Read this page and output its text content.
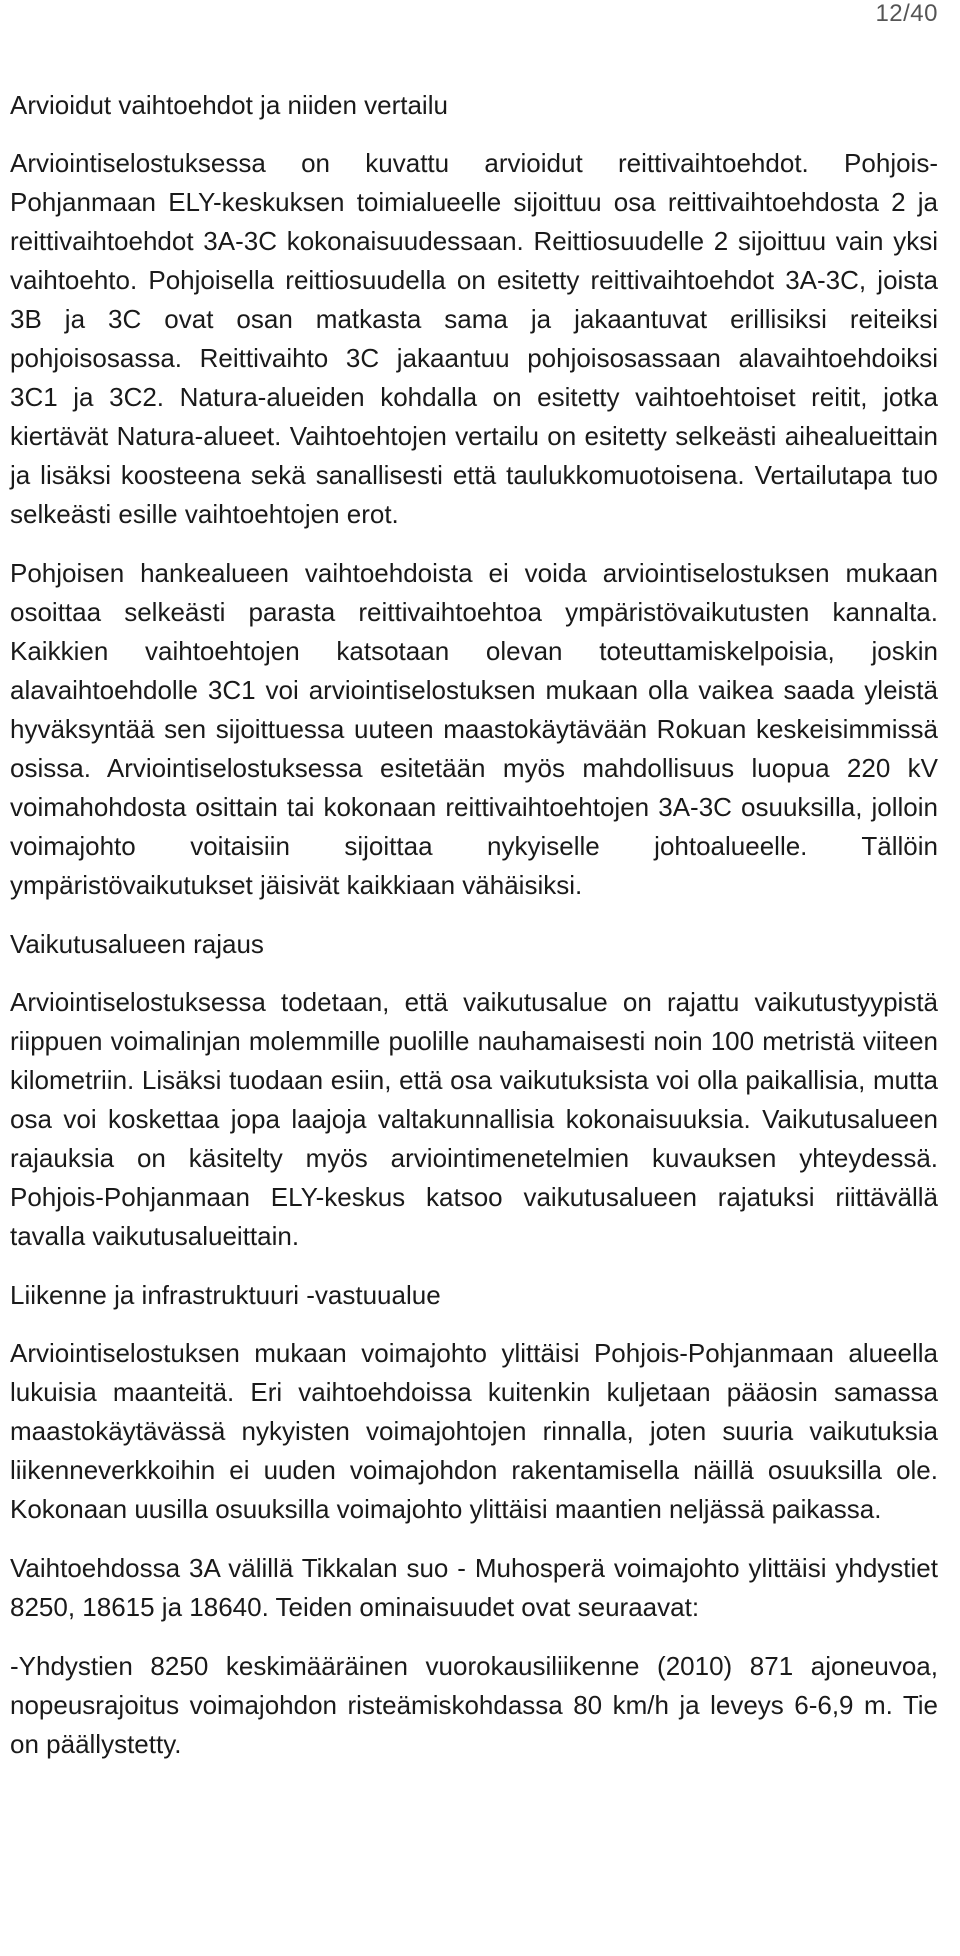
12/40
Arvioidut vaihtoehdot ja niiden vertailu

Arviointiselostuksessa on kuvattu arvioidut reittivaihtoehdot. Pohjois-Pohjanmaan ELY-keskuksen toimialueelle sijoittuu osa reittivaihtoehdosta 2 ja reittivaihtoehdot 3A-3C kokonaisuudessaan. Reittiosuudelle 2 sijoittuu vain yksi vaihtoehto. Pohjoisella reittiosuudella on esitetty reittivaihtoehdot 3A-3C, joista 3B ja 3C ovat osan matkasta sama ja jakaantuvat erillisiksi reiteiksi pohjoisosassa. Reittivaihto 3C jakaantuu pohjoisosassaan alavaihtoehdoiksi 3C1 ja 3C2. Natura-alueiden kohdalla on esitetty vaihtoehtoiset reitit, jotka kiertävät Natura-alueet. Vaihtoehtojen vertailu on esitetty selkeästi aihealueittain ja lisäksi koosteena sekä sanallisesti että taulukkomuotoisena. Vertailutapa tuo selkeästi esille vaihtoehtojen erot.

Pohjoisen hankealueen vaihtoehdoista ei voida arviointiselostuksen mukaan osoittaa selkeästi parasta reittivaihtoehtoa ympäristövaikutusten kannalta. Kaikkien vaihtoehtojen katsotaan olevan toteuttamiskelpoisia, joskin alavaihtoehdolle 3C1 voi arviointiselostuksen mukaan olla vaikea saada yleistä hyväksyntää sen sijoittuessa uuteen maastokäytävään Rokuan keskeisimmissä osissa. Arviointiselostuksessa esitetään myös mahdollisuus luopua 220 kV voimahohdosta osittain tai kokonaan reittivaihtoehtojen 3A-3C osuuksilla, jolloin voimajohto voitaisiin sijoittaa nykyiselle johtoalueelle. Tällöin ympäristövaikutukset jäisivät kaikkiaan vähäisiksi.

Vaikutusalueen rajaus

Arviointiselostuksessa todetaan, että vaikutusalue on rajattu vaikutustyypistä riippuen voimalinjan molemmille puolille nauhamaisesti noin 100 metristä viiteen kilometriin. Lisäksi tuodaan esiin, että osa vaikutuksista voi olla paikallisia, mutta osa voi koskettaa jopa laajoja valtakunnallisia kokonaisuuksia. Vaikutusalueen rajauksia on käsitelty myös arviointimenetelmien kuvauksen yhteydessä. Pohjois-Pohjanmaan ELY-keskus katsoo vaikutusalueen rajatuksi riittävällä tavalla vaikutusalueittain.

Liikenne ja infrastruktuuri -vastuualue

Arviointiselostuksen mukaan voimajohto ylittäisi Pohjois-Pohjanmaan alueella lukuisia maanteitä. Eri vaihtoehdoissa kuitenkin kuljetaan pääosin samassa maastokäytävässä nykyisten voimajohtojen rinnalla, joten suuria vaikutuksia liikenneverkkoihin ei uuden voimajohdon rakentamisella näillä osuuksilla ole. Kokonaan uusilla osuuksilla voimajohto ylittäisi maantien neljässä paikassa.

Vaihtoehdossa 3A välillä Tikkalan suo - Muhosperä voimajohto ylittäisi yhdystiet 8250, 18615 ja 18640. Teiden ominaisuudet ovat seuraavat:

-Yhdystien 8250 keskimääräinen vuorokausiliikenne (2010) 871 ajoneuvoa, nopeusrajoitus voimajohdon risteämiskohdassa 80 km/h ja leveys 6-6,9 m. Tie on päällystetty.
